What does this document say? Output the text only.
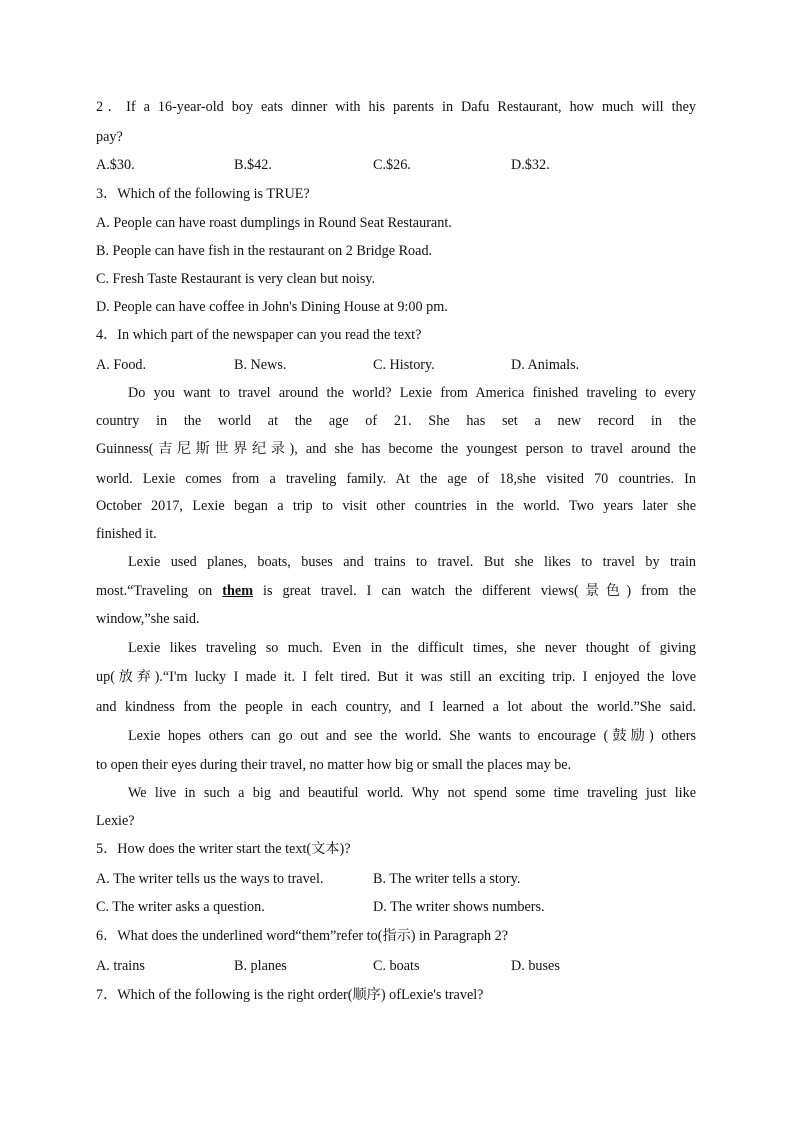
2．If a 16-year-old boy eats dinner with his parents in Dafu Restaurant, how much will they
pay?
A.$30.	B.$42.	C.$26.	D.$32.
3．Which of the following is TRUE?
A. People can have roast dumplings in Round Seat Restaurant.
B. People can have fish in the restaurant on 2 Bridge Road.
C. Fresh Taste Restaurant is very clean but noisy.
D. People can have coffee in John's Dining House at 9:00 pm.
4．In which part of the newspaper can you read the text?
A. Food.	B. News.	C. History.	D. Animals.
Do you want to travel around the world? Lexie from America finished traveling to every
country in the world at the age of 21. She has set a new record in the
Guinness(吉尼斯世界纪录), and she has become the youngest person to travel around the
world. Lexie comes from a traveling family. At the age of 18,she visited 70 countries. In
October 2017, Lexie began a trip to visit other countries in the world. Two years later she
finished it.
Lexie used planes, boats, buses and trains to travel. But she likes to travel by train
most.“Traveling on them is great travel. I can watch the different views(景色) from the
window,”she said.
Lexie likes traveling so much. Even in the difficult times, she never thought of giving
up(放弃).“I'm lucky I made it. I felt tired. But it was still an exciting trip. I enjoyed the love
and kindness from the people in each country, and I learned a lot about the world.”She said.
Lexie hopes others can go out and see the world. She wants to encourage (鼓励) others
to open their eyes during their travel, no matter how big or small the places may be.
We live in such a big and beautiful world. Why not spend some time traveling just like
Lexie?
5．How does the writer start the text(文本)?
A. The writer tells us the ways to travel.	B. The writer tells a story.
C. The writer asks a question.	D. The writer shows numbers.
6．What does the underlined word“them”refer to(指示) in Paragraph 2?
A. trains	B. planes	C. boats	D. buses
7．Which of the following is the right order(顺序) ofLexie's travel?
